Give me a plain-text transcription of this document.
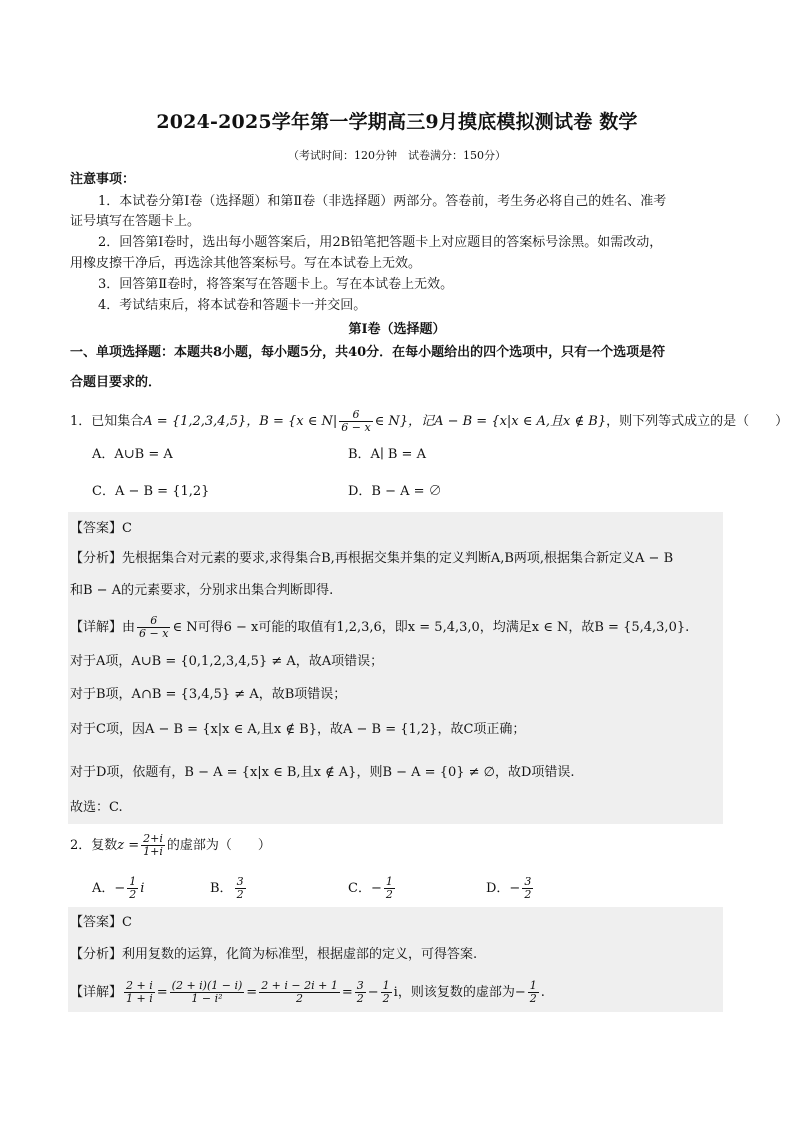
2024-2025学年第一学期高三9月摸底模拟测试卷 数学
（考试时间：120分钟　试卷满分：150分）
注意事项：
1．本试卷分第Ⅰ卷（选择题）和第Ⅱ卷（非选择题）两部分。答卷前，考生务必将自己的姓名、准考
证号填写在答题卡上。
2．回答第Ⅰ卷时，选出每小题答案后，用2B铅笔把答题卡上对应题目的答案标号涂黑。如需改动，
用橡皮擦干净后，再选涂其他答案标号。写在本试卷上无效。
3．回答第Ⅱ卷时，将答案写在答题卡上。写在本试卷上无效。
4．考试结束后，将本试卷和答题卡一并交回。
第Ⅰ卷（选择题）
一、单项选择题：本题共8小题，每小题5分，共40分．在每小题给出的四个选项中，只有一个选项是符
合题目要求的．
1．已知集合A = {1,2,3,4,5}，B = {x ∈ $N| \frac{6}{6 - x}$ ∈ N}，记A − B = {x|x ∈ A,且x ∉ B}，则下列等式成立的是（　　）
A．A∪B = A	B．A∣ B = A
C．A − B = {1,2}	D．B − A = ∅
【答案】C
【分析】先根据集合对元素的要求,求得集合B,再根据交集并集的定义判断A,B两项,根据集合新定义A − B
和B − A的元素要求，分别求出集合判断即得.
【详解】由 $\frac{6}{6 - x}$ ∈ N可得6 − x可能的取值有1,2,3,6，即x = 5,4,3,0，均满足x ∈ N，故B = {5,4,3,0}.
对于A项，A∪B = {0,1,2,3,4,5} ≠ A，故A项错误；
对于B项，A∩B = {3,4,5} ≠ A，故B项错误；
对于C项，因A − B = {x|x ∈ A,且x ∉ B}，故A − B = {1,2}，故C项正确；
对于D项，依题有，B − A = {x|x ∈ B,且x ∉ A}，则B − A = {0} ≠ ∅，故D项错误.
故选：C.
2．复数$z = \frac{2+i}{1+i}$ 的虚部为（　　）
A．− $\frac{1}{2}$ i	B． $\frac{3}{2}$	C．− $\frac{1}{2}$	D．− $\frac{3}{2}$
【答案】C
【分析】利用复数的运算，化简为标准型，根据虚部的定义，可得答案.
【详解】 $\frac{2 + i}{1 + i} = \frac{(2 + i)(1 - i)}{\text{1 − i²}} = \frac{2 + i - 2i + 1}{2} = \frac{3}{2} - \frac{1}{2}$ i，则该复数的虚部为− $\frac{1}{2}$ .
